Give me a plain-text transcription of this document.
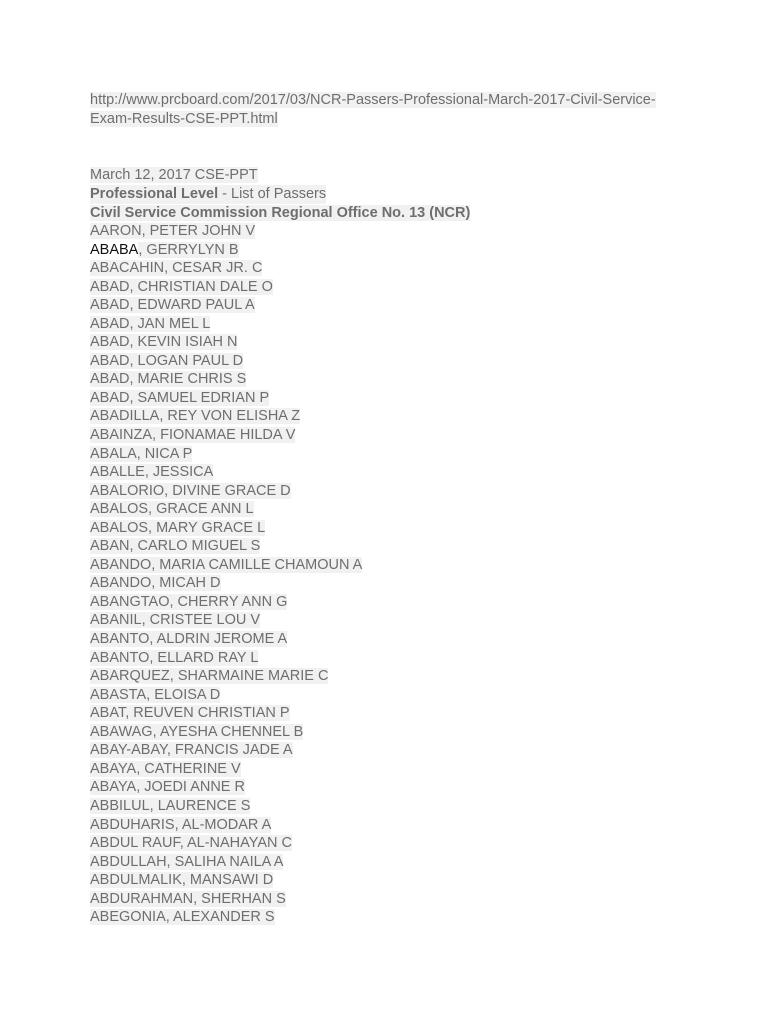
http://www.prcboard.com/2017/03/NCR-Passers-Professional-March-2017-Civil-Service-
Exam-Results-CSE-PPT.html
March 12, 2017 CSE-PPT
Professional Level - List of Passers
Civil Service Commission Regional Office No. 13 (NCR)
AARON, PETER JOHN V
ABABA, GERRYLYN B
ABACAHIN, CESAR JR. C
ABAD, CHRISTIAN DALE O
ABAD, EDWARD PAUL A
ABAD, JAN MEL L
ABAD, KEVIN ISIAH N
ABAD, LOGAN PAUL D
ABAD, MARIE CHRIS S
ABAD, SAMUEL EDRIAN P
ABADILLA, REY VON ELISHA Z
ABAINZA, FIONAMAE HILDA V
ABALA, NICA P
ABALLE, JESSICA
ABALORIO, DIVINE GRACE D
ABALOS, GRACE ANN L
ABALOS, MARY GRACE L
ABAN, CARLO MIGUEL S
ABANDO, MARIA CAMILLE CHAMOUN A
ABANDO, MICAH D
ABANGTAO, CHERRY ANN G
ABANIL, CRISTEE LOU V
ABANTO, ALDRIN JEROME A
ABANTO, ELLARD RAY L
ABARQUEZ, SHARMAINE MARIE C
ABASTA, ELOISA D
ABAT, REUVEN CHRISTIAN P
ABAWAG, AYESHA CHENNEL B
ABAY-ABAY, FRANCIS JADE A
ABAYA, CATHERINE V
ABAYA, JOEDI ANNE R
ABBILUL, LAURENCE S
ABDUHARIS, AL-MODAR A
ABDUL RAUF, AL-NAHAYAN C
ABDULLAH, SALIHA NAILA A
ABDULMALIK, MANSAWI D
ABDURAHMAN, SHERHAN S
ABEGONIA, ALEXANDER S
